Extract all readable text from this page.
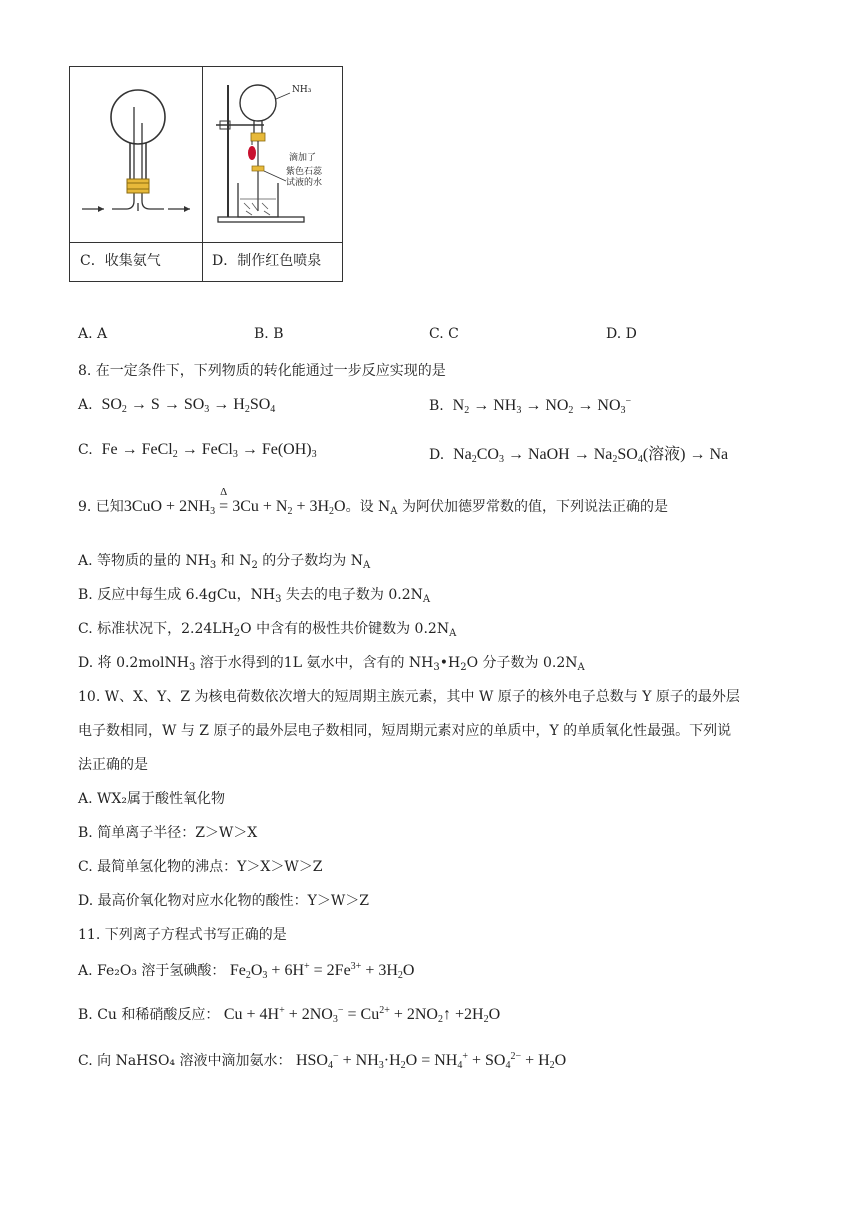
NH₃
滴加了
紫色石蕊
试液的水
C．收集氨气	D．制作红色喷泉
A. A	B. B	C. C	D. D
8. 在一定条件下，下列物质的转化能通过一步反应实现的是
A.  $SO_2 \to S \to SO_3 \to H_2SO_4$	B.  $N_2 \to NH_3 \to NO_2 \to NO_3^-$
C.  Fe → FeCl$_2$ → FeCl$_3$ → $Fe(OH)_3$	D.  $Na_2CO_3$ → NaOH → $Na_2SO_4$(溶液) → Na
9. 已知$3CuO + 2NH_3$ =
Δ
$3Cu + N_2 + 3H_2O$。设 $N_A$ 为阿伏加德罗常数的值，下列说法正确的是
A. 等物质的量的 $NH_3$ 和 $N_2$ 的分子数均为 $N_A$
B. 反应中每生成 6.4gCu，$NH_3$ 失去的电子数为 $0.2N_A$
C. 标准状况下，$2.24LH_2O$ 中含有的极性共价键数为 $0.2N_A$
D. 将 0.2molNH$_3$ 溶于水得到的1L 氨水中，含有的 $NH_3•H_2O$ 分子数为 $0.2N_A$
10. W、X、Y、Z 为核电荷数依次增大的短周期主族元素，其中 W 原子的核外电子总数与 Y 原子的最外层
电子数相同，W 与 Z 原子的最外层电子数相同，短周期元素对应的单质中，Y 的单质氧化性最强。下列说
法正确的是
A. WX₂属于酸性氧化物
B. 简单离子半径：Z＞W＞X
C. 最简单氢化物的沸点：Y＞X＞W＞Z
D. 最高价氧化物对应水化物的酸性：Y＞W＞Z
11. 下列离子方程式书写正确的是
A. Fe₂O₃ 溶于氢碘酸： $Fe_2O_3 + 6H^+ = 2Fe^{3+} + 3H_2O$
B. Cu 和稀硝酸反应： $Cu + 4H^+ + 2NO_3^- = Cu^{2+}$ + $2NO_2↑ +2H_2O$
C. 向 NaHSO₄ 溶液中滴加氨水： $HSO_4^- + NH_3\cdot H_2O = NH_4^+ + SO_4^{2-} + H_2O$
